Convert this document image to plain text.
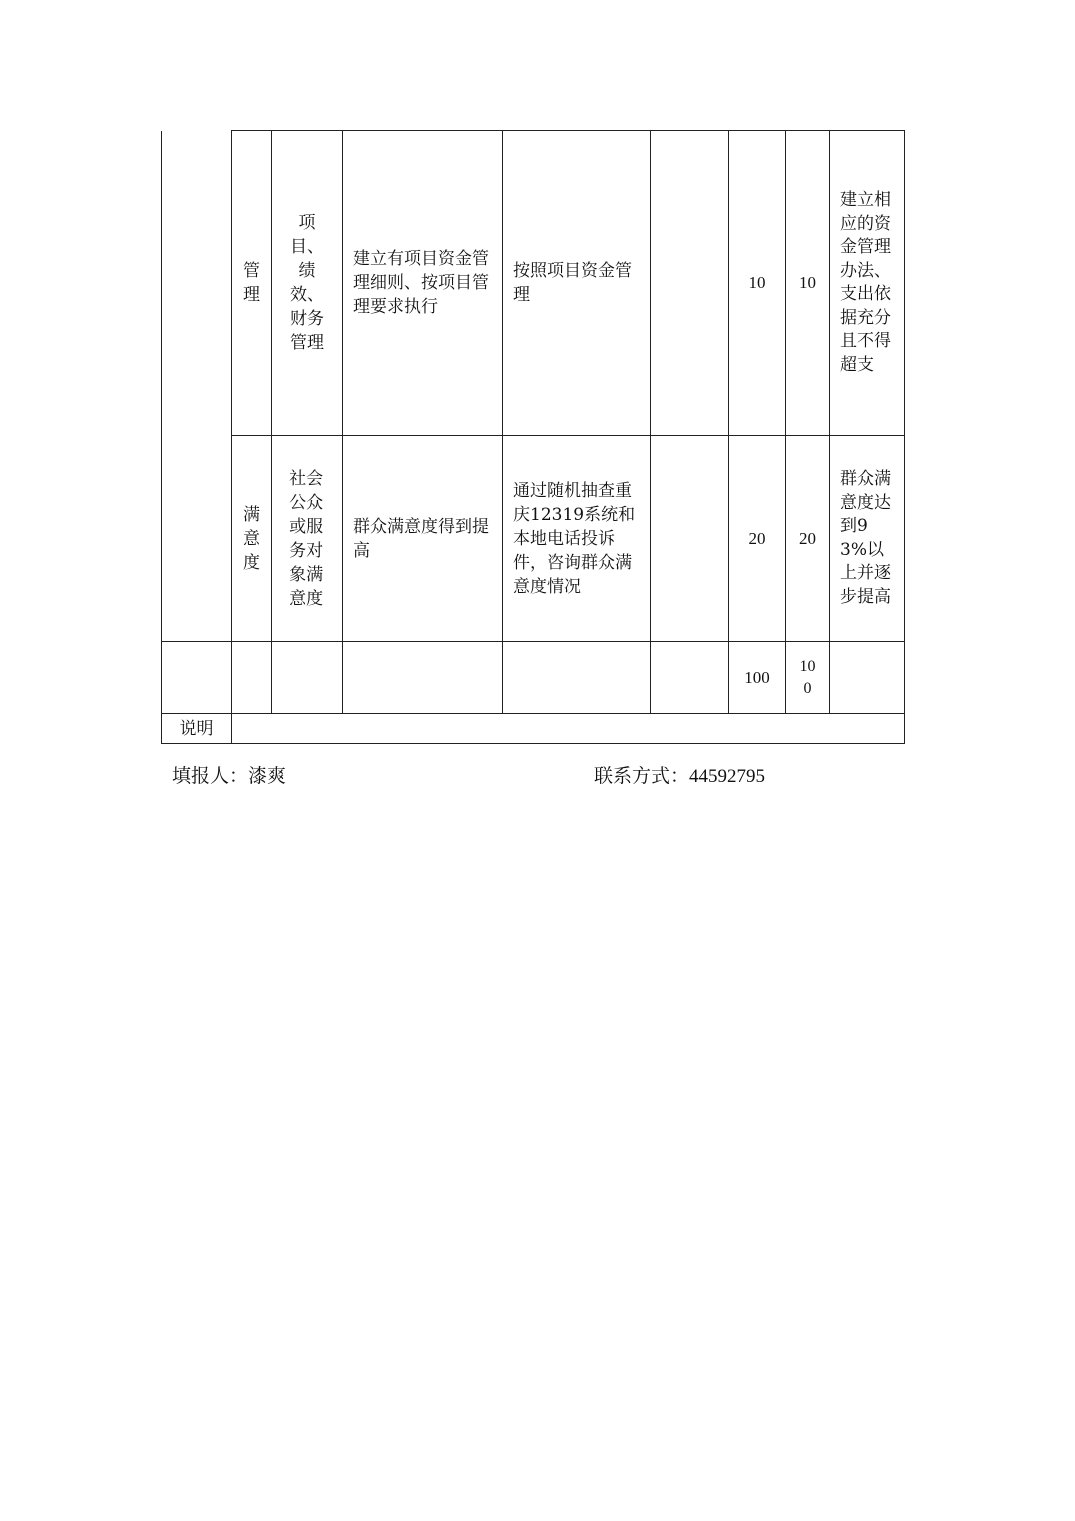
	管理	项目、绩效、财务管理	建立有项目资金管理细则、按项目管理要求执行	按照项目资金管理		10	10	建立相应的资金管理办法、支出依据充分且不得超支

	满意度	社会公众或服务对象满意度	群众满意度得到提高	通过随机抽查重庆12319系统和本地电话投诉件，咨询群众满意度情况		20	20	群众满意度达到93%以上并逐步提高

						100	100	

说明								
填报人：漆爽	联系方式：44592795
